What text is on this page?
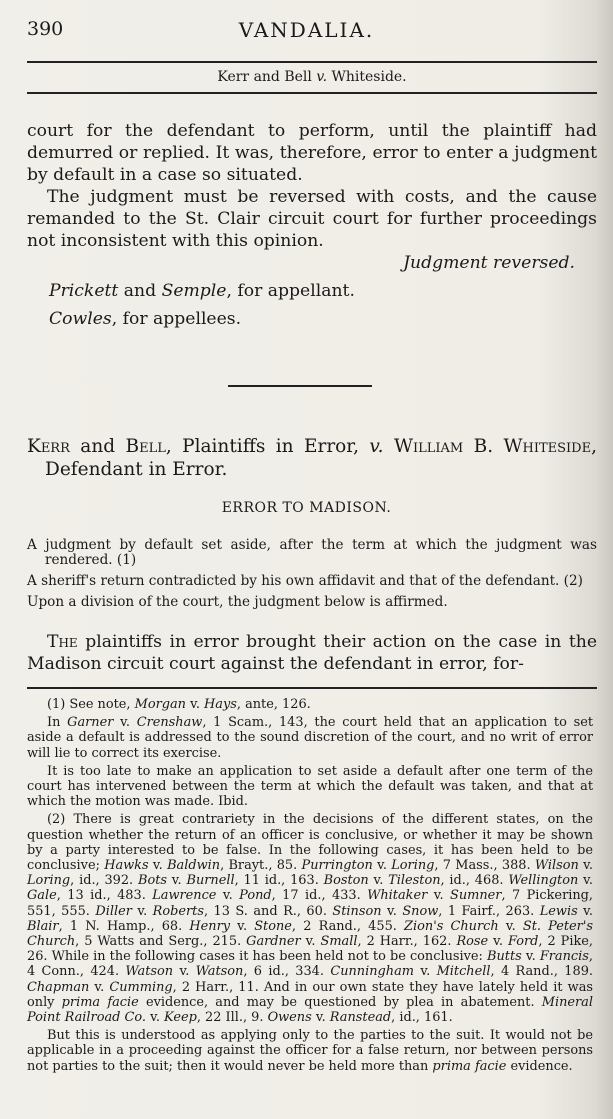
390	VANDALIA.
Kerr and Bell v. Whiteside.

court for the defendant to perform, until the plaintiff had demurred or replied. It was, therefore, error to enter a judgment by default in a case so situated.

The judgment must be reversed with costs, and the cause remanded to the St. Clair circuit court for further proceedings not inconsistent with this opinion.

Judgment reversed.

Prickett and Semple, for appellant.

Cowles, for appellees.

Kerr and Bell, Plaintiffs in Error, v. William B. Whiteside, Defendant in Error.

ERROR TO MADISON.

A judgment by default set aside, after the term at which the judgment was rendered. (1)

A sheriff's return contradicted by his own affidavit and that of the defendant. (2)

Upon a division of the court, the judgment below is affirmed.

The plaintiffs in error brought their action on the case in the Madison circuit court against the defendant in error, for-

(1) See note, Morgan v. Hays, ante, 126.

In Garner v. Crenshaw, 1 Scam., 143, the court held that an application to set aside a default is addressed to the sound discretion of the court, and no writ of error will lie to correct its exercise.

It is too late to make an application to set aside a default after one term of the court has intervened between the term at which the default was taken, and that at which the motion was made. Ibid.

(2) There is great contrariety in the decisions of the different states, on the question whether the return of an officer is conclusive, or whether it may be shown by a party interested to be false. In the following cases, it has been held to be conclusive; Hawks v. Baldwin, Brayt., 85. Purrington v. Loring, 7 Mass., 388. Wilson v. Loring, id., 392. Bots v. Burnell, 11 id., 163. Boston v. Tileston, id., 468. Wellington v. Gale, 13 id., 483. Lawrence v. Pond, 17 id., 433. Whitaker v. Sumner, 7 Pickering, 551, 555. Diller v. Roberts, 13 S. and R., 60. Stinson v. Snow, 1 Fairf., 263. Lewis v. Blair, 1 N. Hamp., 68. Henry v. Stone, 2 Rand., 455. Zion's Church v. St. Peter's Church, 5 Watts and Serg., 215. Gardner v. Small, 2 Harr., 162. Rose v. Ford, 2 Pike, 26. While in the following cases it has been held not to be conclusive: Butts v. Francis, 4 Conn., 424. Watson v. Watson, 6 id., 334. Cunningham v. Mitchell, 4 Rand., 189. Chapman v. Cumming, 2 Harr., 11. And in our own state they have lately held it was only prima facie evidence, and may be questioned by plea in abatement. Mineral Point Railroad Co. v. Keep, 22 Ill., 9. Owens v. Ranstead, id., 161.

But this is understood as applying only to the parties to the suit. It would not be applicable in a proceeding against the officer for a false return, nor between persons not parties to the suit; then it would never be held more than prima facie evidence.
